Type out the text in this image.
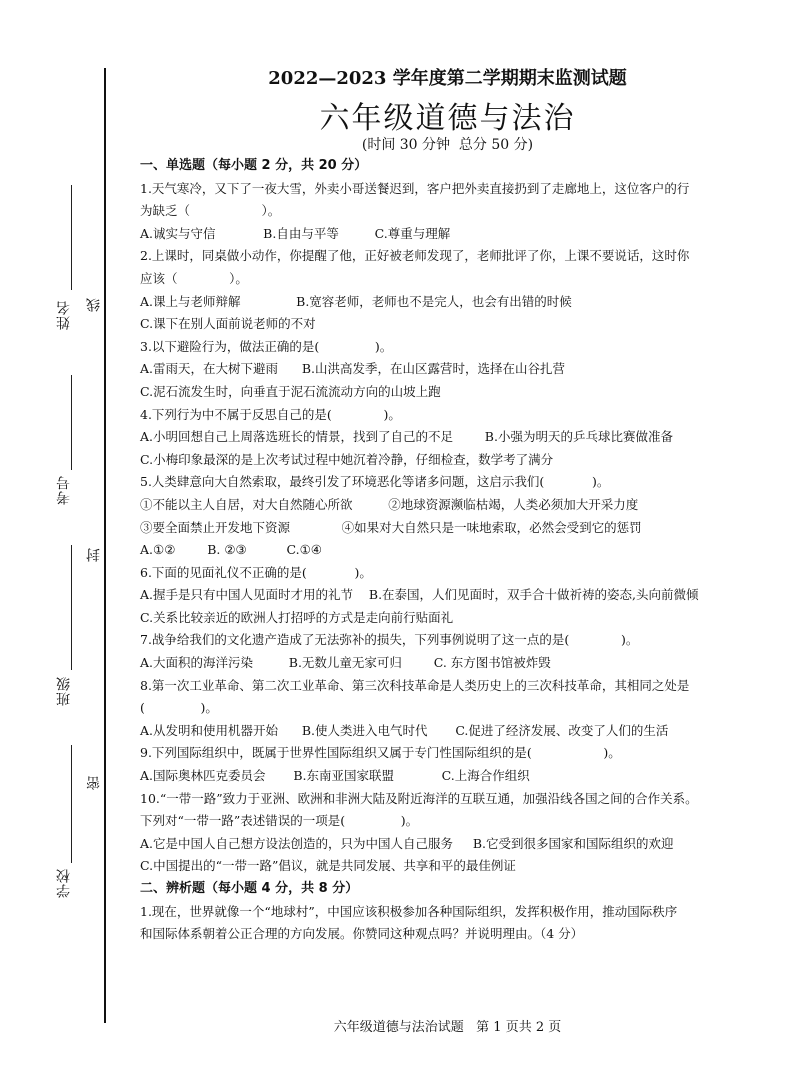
姓名
考号
班级
学校
线
封
密
2022—2023 学年度第二学期期末监测试题
六年级道德与法治
(时间 30 分钟  总分 50 分)
一、单选题（每小题 2 分，共 20 分）
1.天气寒冷，又下了一夜大雪，外卖小哥送餐迟到，客户把外卖直接扔到了走廊地上，这位客户的行
为缺乏（                  ）。
A.诚实与守信            B.自由与平等         C.尊重与理解
2.上课时，同桌做小动作，你提醒了他，正好被老师发现了，老师批评了你，上课不要说话，这时你
应该（             ）。
A.课上与老师辩解              B.宽容老师，老师也不是完人，也会有出错的时候
C.课下在别人面前说老师的不对
3.以下避险行为，做法正确的是(              )。
A.雷雨天，在大树下避雨      B.山洪高发季，在山区露营时，选择在山谷扎营
C.泥石流发生时，向垂直于泥石流流动方向的山坡上跑
4.下列行为中不属于反思自己的是(             )。
A.小明回想自己上周落选班长的情景，找到了自己的不足        B.小强为明天的乒乓球比赛做准备
C.小梅印象最深的是上次考试过程中她沉着冷静，仔细检查，数学考了满分
5.人类肆意向大自然索取，最终引发了环境恶化等诸多问题，这启示我们(            )。
①不能以主人自居，对大自然随心所欲         ②地球资源濒临枯竭，人类必须加大开采力度
③要全面禁止开发地下资源             ④如果对大自然只是一味地索取，必然会受到它的惩罚
A.①②        B. ②③          C.①④
6.下面的见面礼仪不正确的是(            )。
A.握手是只有中国人见面时才用的礼节    B.在泰国，人们见面时，双手合十做祈祷的姿态,头向前微倾
C.关系比较亲近的欧洲人打招呼的方式是走向前行贴面礼
7.战争给我们的文化遗产造成了无法弥补的损失，下列事例说明了这一点的是(             )。
A.大面积的海洋污染         B.无数儿童无家可归        C. 东方图书馆被炸毁
8.第一次工业革命、第二次工业革命、第三次科技革命是人类历史上的三次科技革命，其相同之处是
(              )。
A.从发明和使用机器开始      B.使人类进入电气时代       C.促进了经济发展、改变了人们的生活
9.下列国际组织中，既属于世界性国际组织又属于专门性国际组织的是(                  )。
A.国际奥林匹克委员会       B.东南亚国家联盟            C.上海合作组织
10.“一带一路”致力于亚洲、欧洲和非洲大陆及附近海洋的互联互通，加强沿线各国之间的合作关系。
下列对“一带一路”表述错误的一项是(              )。
A.它是中国人自己想方设法创造的，只为中国人自己服务     B.它受到很多国家和国际组织的欢迎
C.中国提出的“一带一路”倡议，就是共同发展、共享和平的最佳例证
二、辨析题（每小题 4 分，共 8 分）
1.现在，世界就像一个“地球村”，中国应该积极参加各种国际组织，发挥积极作用，推动国际秩序
和国际体系朝着公正合理的方向发展。你赞同这种观点吗？并说明理由。（4 分）
六年级道德与法治试题   第 1 页共 2 页
